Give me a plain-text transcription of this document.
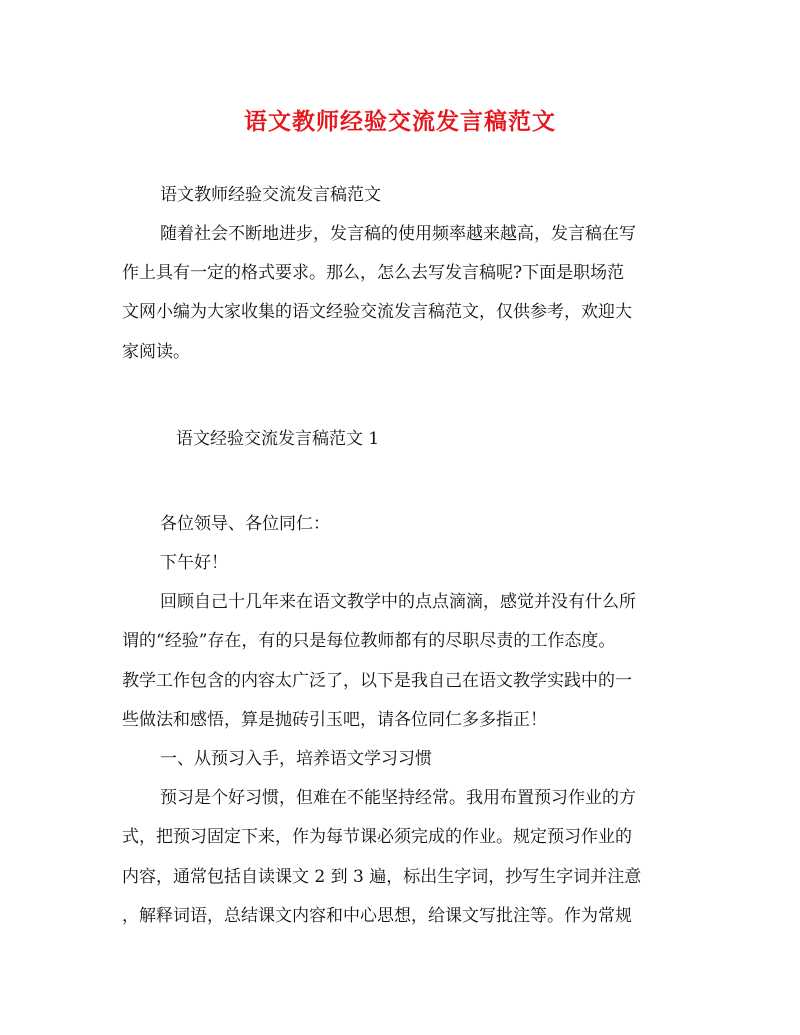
语文教师经验交流发言稿范文
语文教师经验交流发言稿范文
随着社会不断地进步，发言稿的使用频率越来越高，发言稿在写
作上具有一定的格式要求。那么，怎么去写发言稿呢?下面是职场范
文网小编为大家收集的语文经验交流发言稿范文，仅供参考，欢迎大
家阅读。
语文经验交流发言稿范文 1
各位领导、各位同仁：
下午好！
回顾自己十几年来在语文教学中的点点滴滴，感觉并没有什么所
谓的“经验”存在，有的只是每位教师都有的尽职尽责的工作态度。
教学工作包含的内容太广泛了，以下是我自己在语文教学实践中的一
些做法和感悟，算是抛砖引玉吧，请各位同仁多多指正！
一、从预习入手，培养语文学习习惯
预习是个好习惯，但难在不能坚持经常。我用布置预习作业的方
式，把预习固定下来，作为每节课必须完成的作业。规定预习作业的
内容，通常包括自读课文 2 到 3 遍，标出生字词，抄写生字词并注意
，解释词语，总结课文内容和中心思想，给课文写批注等。作为常规
